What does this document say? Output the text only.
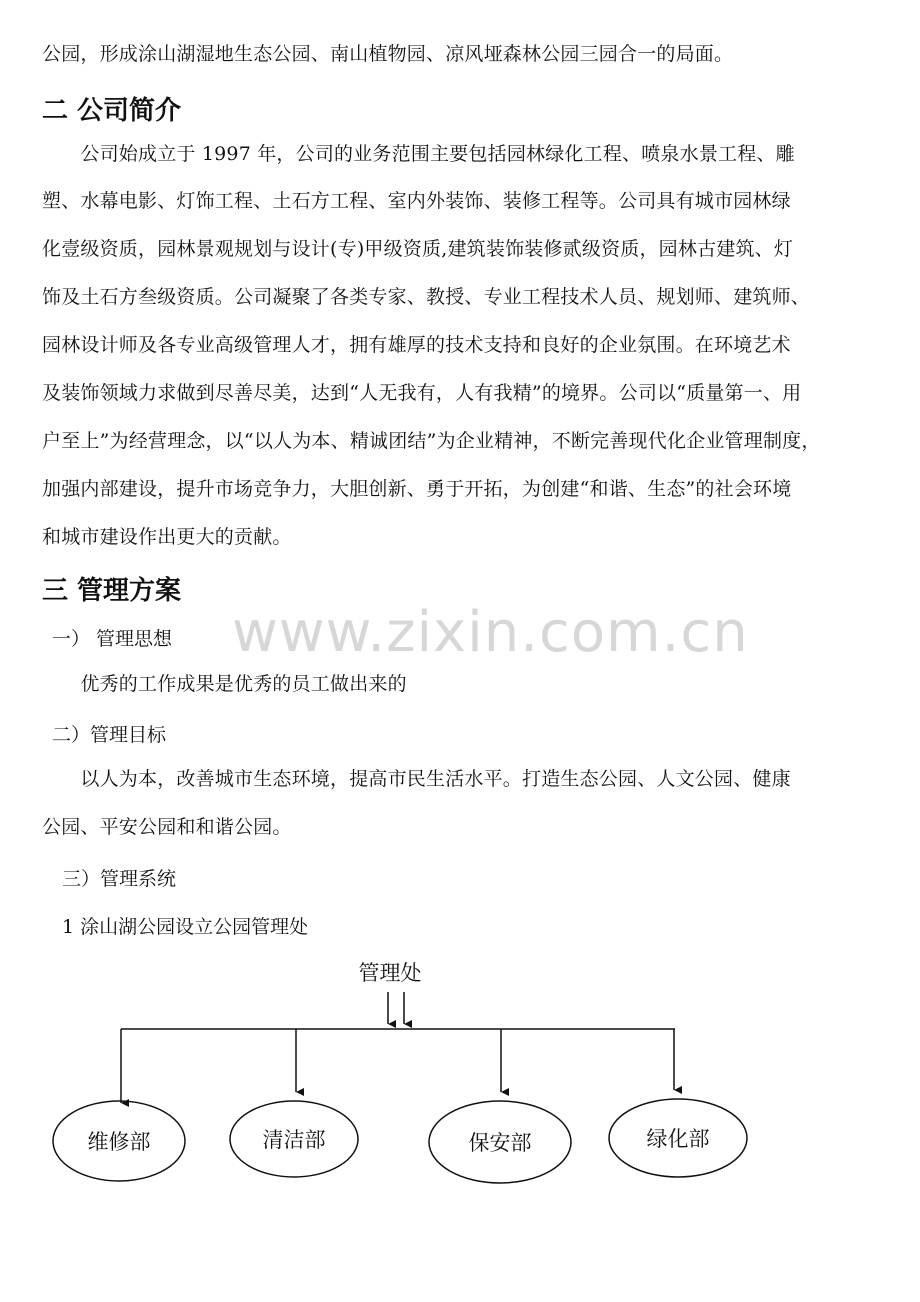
公园，形成涂山湖湿地生态公园、南山植物园、凉风垭森林公园三园合一的局面。
二 公司简介
　　公司始成立于 1997 年，公司的业务范围主要包括园林绿化工程、喷泉水景工程、雕
塑、水幕电影、灯饰工程、土石方工程、室内外装饰、装修工程等。公司具有城市园林绿
化壹级资质，园林景观规划与设计(专)甲级资质,建筑装饰装修贰级资质，园林古建筑、灯
饰及土石方叁级资质。公司凝聚了各类专家、教授、专业工程技术人员、规划师、建筑师、
园林设计师及各专业高级管理人才，拥有雄厚的技术支持和良好的企业氛围。在环境艺术
及装饰领域力求做到尽善尽美，达到“人无我有，人有我精”的境界。公司以“质量第一、用
户至上”为经营理念，以“以人为本、精诚团结”为企业精神，不断完善现代化企业管理制度，
加强内部建设，提升市场竞争力，大胆创新、勇于开拓，为创建“和谐、生态”的社会环境
和城市建设作出更大的贡献。
三 管理方案
一） 管理思想
　　优秀的工作成果是优秀的员工做出来的
二）管理目标
　　以人为本，改善城市生态环境，提高市民生活水平。打造生态公园、人文公园、健康
公园、平安公园和和谐公园。
三）管理系统
1 涂山湖公园设立公园管理处
www.zixin.com.cn
管理处
维修部	清洁部	保安部	绿化部
